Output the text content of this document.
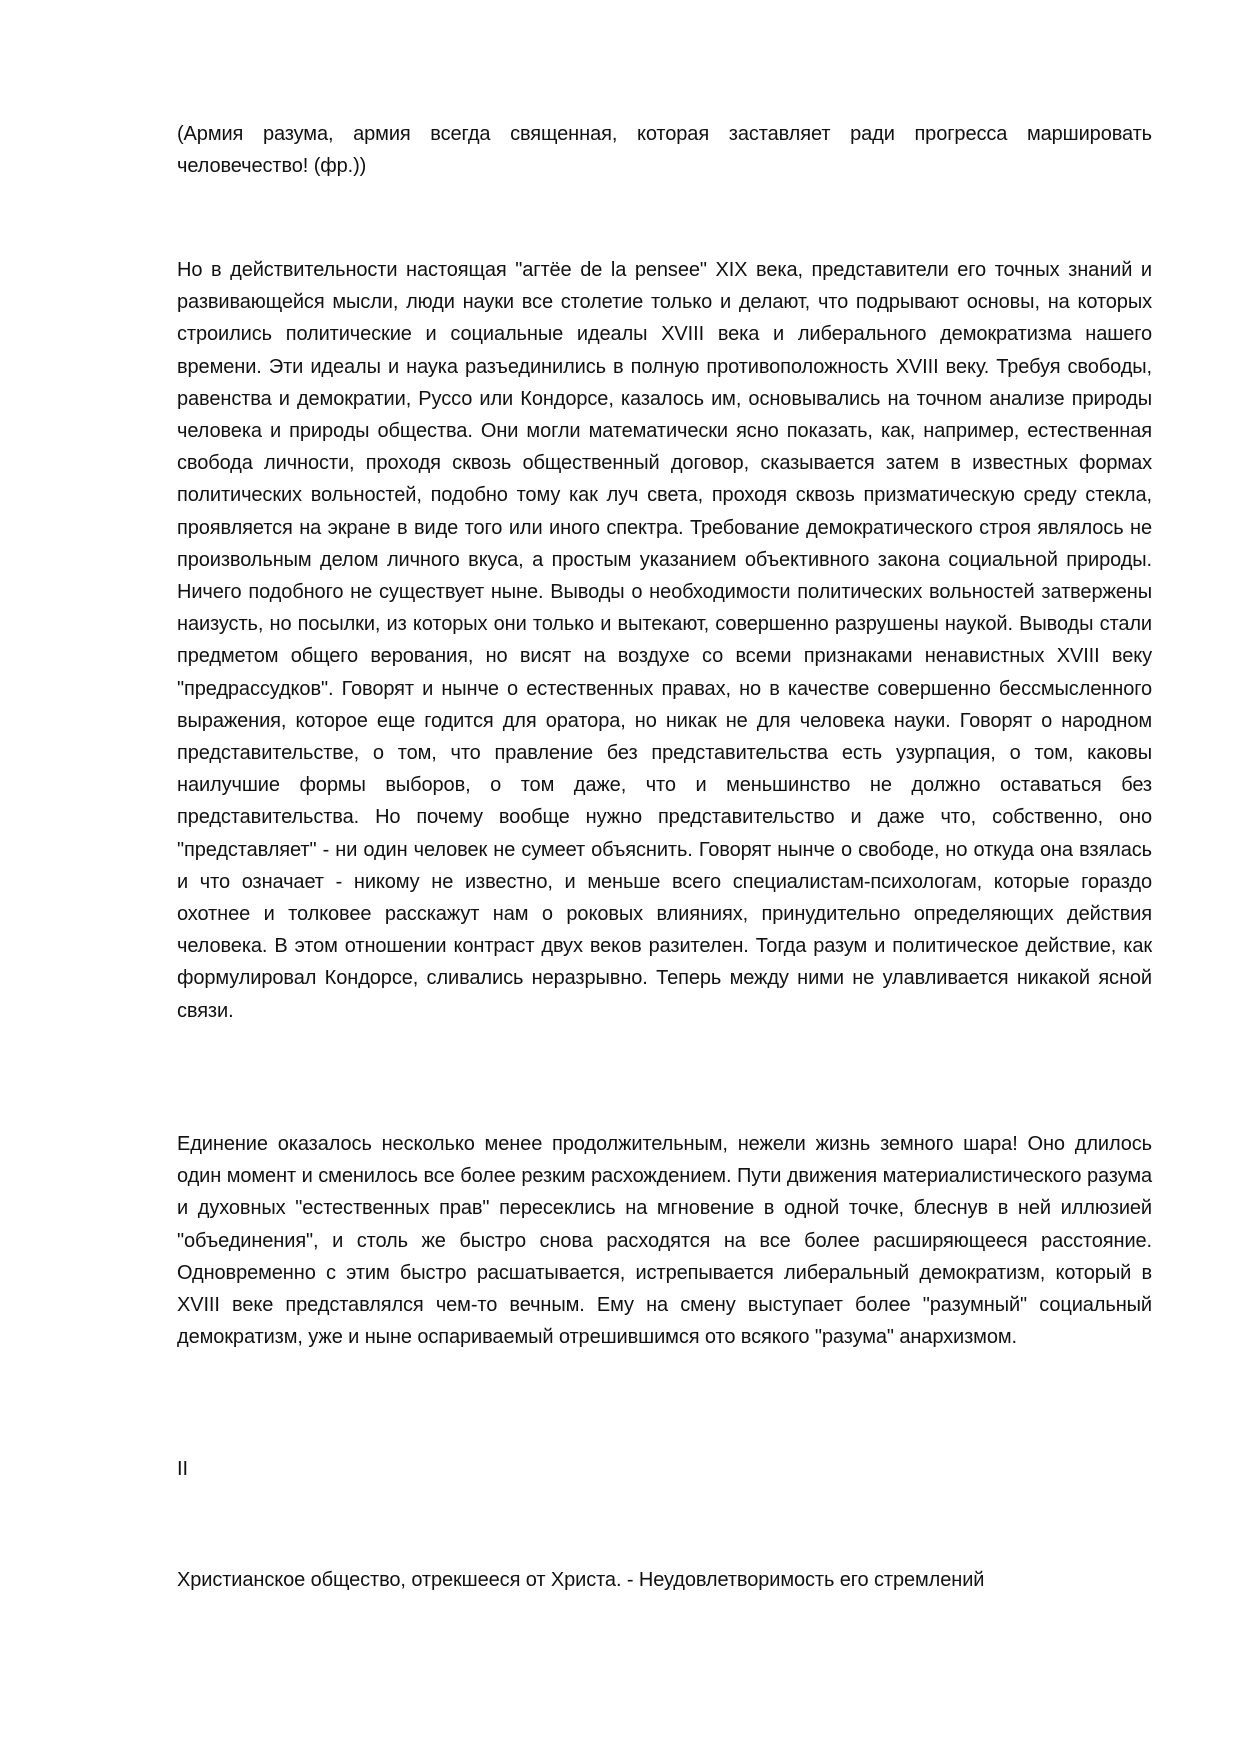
(Армия разума, армия всегда священная, которая заставляет ради прогресса маршировать человечество! (фр.))

Но в действительности настоящая "агтёе de la pensee" XIX века, представители его точных знаний и развивающейся мысли, люди науки все столетие только и делают, что подрывают основы, на которых строились политические и социальные идеалы XVIII века и либерального демократизма нашего времени. Эти идеалы и наука разъединились в полную противоположность XVIII веку. Требуя свободы, равенства и демократии, Руссо или Кондорсе, казалось им, основывались на точном анализе природы человека и природы общества. Они могли математически ясно показать, как, например, естественная свобода личности, проходя сквозь общественный договор, сказывается затем в известных формах политических вольностей, подобно тому как луч света, проходя сквозь призматическую среду стекла, проявляется на экране в виде того или иного спектра. Требование демократического строя являлось не произвольным делом личного вкуса, а простым указанием объективного закона социальной природы. Ничего подобного не существует ныне. Выводы о необходимости политических вольностей затвержены наизусть, но посылки, из которых они только и вытекают, совершенно разрушены наукой. Выводы стали предметом общего верования, но висят на воздухе со всеми признаками ненавистных XVIII веку "предрассудков". Говорят и нынче о естественных правах, но в качестве совершенно бессмысленного выражения, которое еще годится для оратора, но никак не для человека науки. Говорят о народном представительстве, о том, что правление без представительства есть узурпация, о том, каковы наилучшие формы выборов, о том даже, что и меньшинство не должно оставаться без представительства. Но почему вообще нужно представительство и даже что, собственно, оно "представляет" - ни один человек не сумеет объяснить. Говорят нынче о свободе, но откуда она взялась и что означает - никому не известно, и меньше всего специалистам-психологам, которые гораздо охотнее и толковее расскажут нам о роковых влияниях, принудительно определяющих действия человека. В этом отношении контраст двух веков разителен. Тогда разум и политическое действие, как формулировал Кондорсе, сливались неразрывно. Теперь между ними не улавливается никакой ясной связи.

Единение оказалось несколько менее продолжительным, нежели жизнь земного шара! Оно длилось один момент и сменилось все более резким расхождением. Пути движения материалистического разума и духовных "естественных прав" пересеклись на мгновение в одной точке, блеснув в ней иллюзией "объединения", и столь же быстро снова расходятся на все более расширяющееся расстояние. Одновременно с этим быстро расшатывается, истрепывается либеральный демократизм, который в XVIII веке представлялся чем-то вечным. Ему на смену выступает более "разумный" социальный демократизм, уже и ныне оспариваемый отрешившимся ото всякого "разума" анархизмом.

II

Христианское общество, отрекшееся от Христа. - Неудовлетворимость его стремлений
